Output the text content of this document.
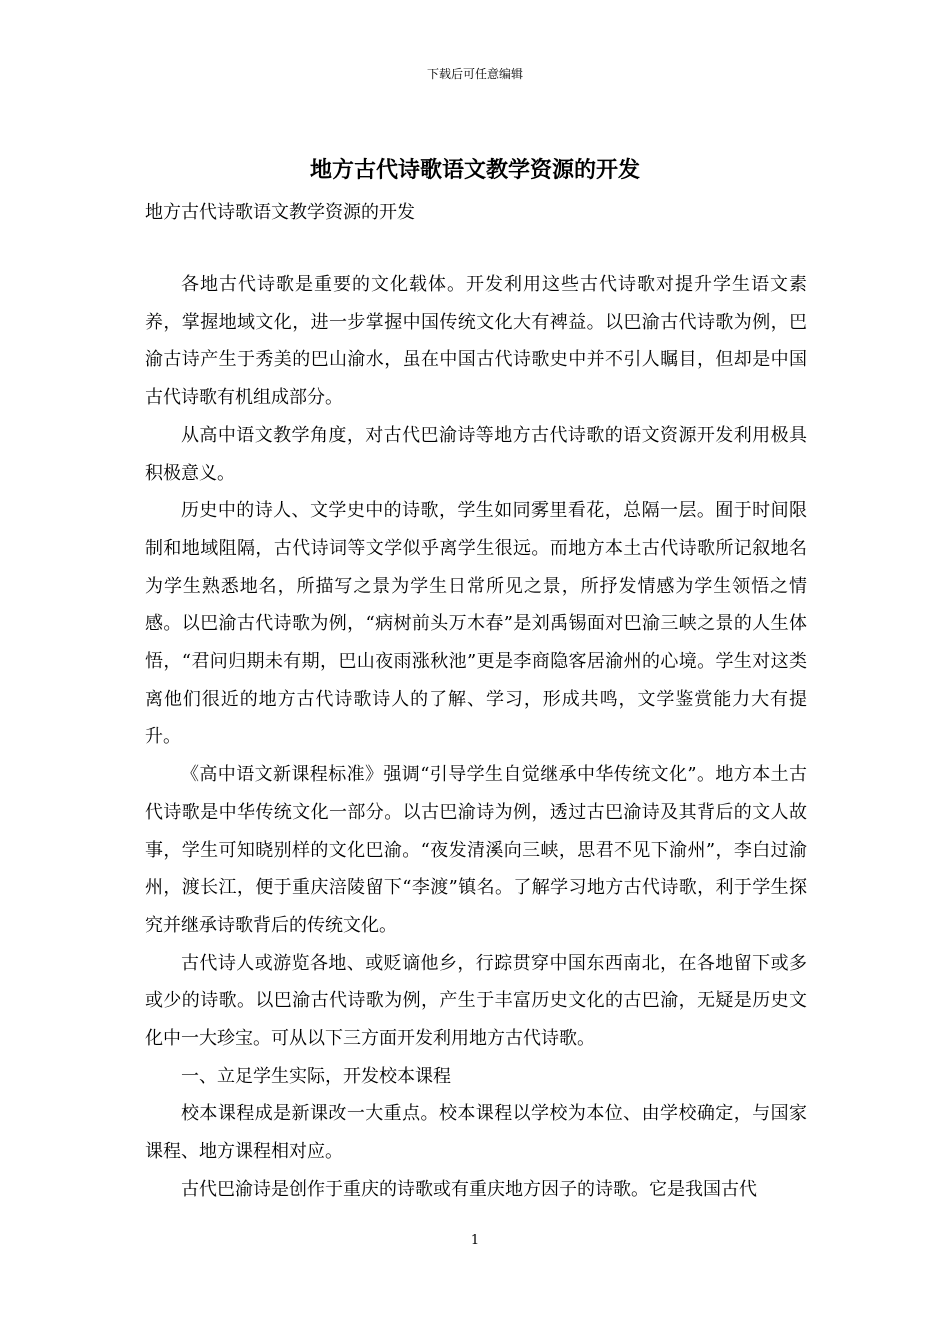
下载后可任意编辑
地方古代诗歌语文教学资源的开发
地方古代诗歌语文教学资源的开发

各地古代诗歌是重要的文化载体。开发利用这些古代诗歌对提升学生语文素养，掌握地域文化，进一步掌握中国传统文化大有裨益。以巴渝古代诗歌为例，巴渝古诗产生于秀美的巴山渝水，虽在中国古代诗歌史中并不引人瞩目，但却是中国古代诗歌有机组成部分。

从高中语文教学角度，对古代巴渝诗等地方古代诗歌的语文资源开发利用极具积极意义。

历史中的诗人、文学史中的诗歌，学生如同雾里看花，总隔一层。囿于时间限制和地域阻隔，古代诗词等文学似乎离学生很远。而地方本土古代诗歌所记叙地名为学生熟悉地名，所描写之景为学生日常所见之景，所抒发情感为学生领悟之情感。以巴渝古代诗歌为例，“病树前头万木春”是刘禹锡面对巴渝三峡之景的人生体悟，“君问归期未有期，巴山夜雨涨秋池”更是李商隐客居渝州的心境。学生对这类离他们很近的地方古代诗歌诗人的了解、学习，形成共鸣，文学鉴赏能力大有提升。

《高中语文新课程标准》强调“引导学生自觉继承中华传统文化”。地方本土古代诗歌是中华传统文化一部分。以古巴渝诗为例，透过古巴渝诗及其背后的文人故事，学生可知晓别样的文化巴渝。“夜发清溪向三峡，思君不见下渝州”，李白过渝州，渡长江，便于重庆涪陵留下“李渡”镇名。了解学习地方古代诗歌，利于学生探究并继承诗歌背后的传统文化。

古代诗人或游览各地、或贬谪他乡，行踪贯穿中国东西南北，在各地留下或多或少的诗歌。以巴渝古代诗歌为例，产生于丰富历史文化的古巴渝，无疑是历史文化中一大珍宝。可从以下三方面开发利用地方古代诗歌。

一、立足学生实际，开发校本课程

校本课程成是新课改一大重点。校本课程以学校为本位、由学校确定，与国家课程、地方课程相对应。

古代巴渝诗是创作于重庆的诗歌或有重庆地方因子的诗歌。它是我国古代

1
